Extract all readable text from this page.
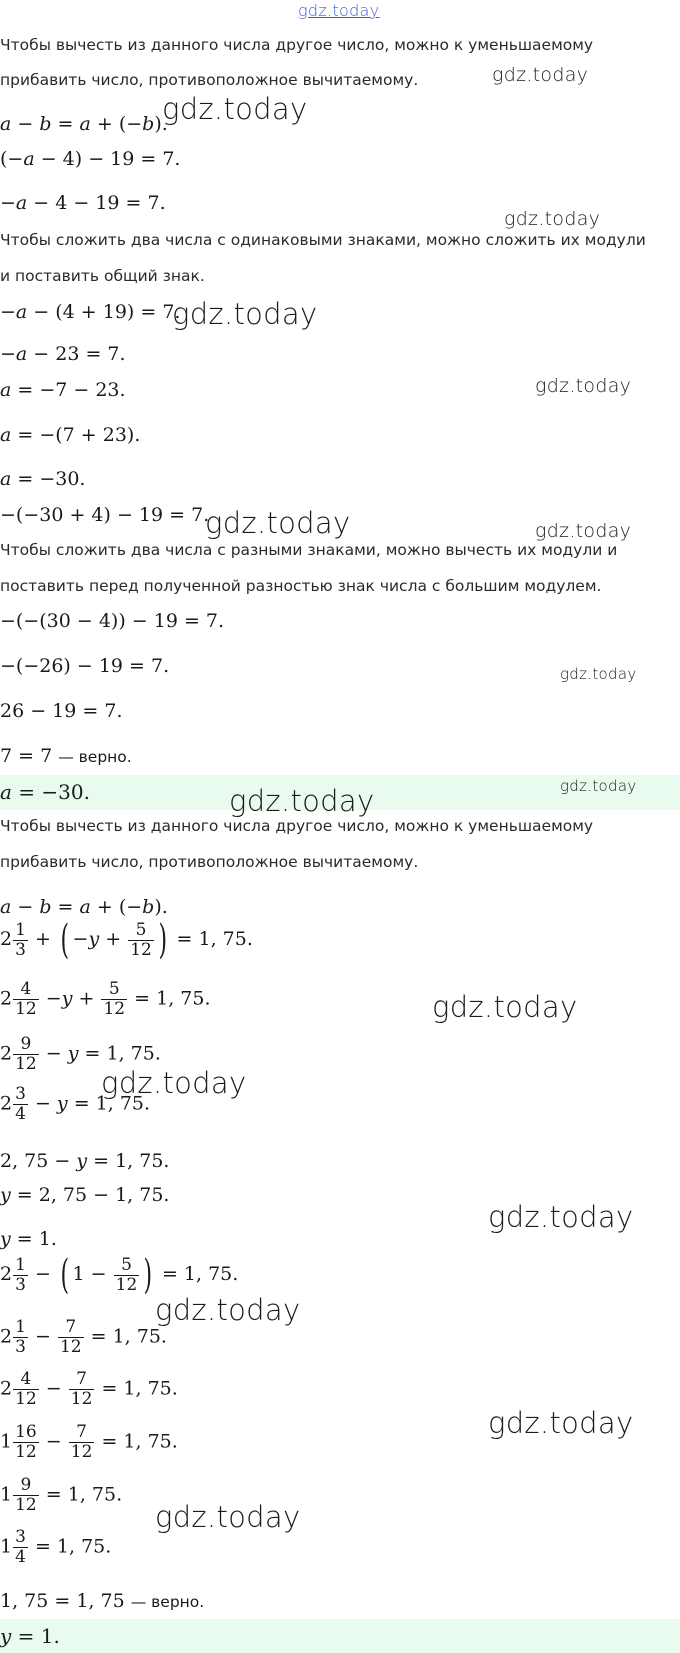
gdz.today
gdz.today
gdz.today
gdz.today
gdz.today
gdz.today
gdz.today	gdz.today
gdz.today
gdz.today
gdz.today
gdz.today
gdz.today
gdz.today
gdz.today
gdz.today
gdz.today
Чтобы вычесть из данного числа другое число, можно к уменьшаемому
прибавить число, противоположное вычитаемому.
a − b = a + (−b).
(−a − 4) − 19 = 7.
−a − 4 − 19 = 7.
Чтобы сложить два числа с одинаковыми знаками, можно сложить их модули
и поставить общий знак.
−a − (4 + 19) = 7.
−a − 23 = 7.
a = −7 − 23.
a = −(7 + 23).
a = −30.
−(−30 + 4) − 19 = 7.
Чтобы сложить два числа с разными знаками, можно вычесть их модули и
поставить перед полученной разностью знак числа с большим модулем.
−(−(30 − 4)) − 19 = 7.
−(−26) − 19 = 7.
26 − 19 = 7.
7 = 7 — верно.
a = −30.
Чтобы вычесть из данного числа другое число, можно к уменьшаемому
прибавить число, противоположное вычитаемому.
a − b = a + (−b).
$2 \frac{1}{3}$ + ( $-y + \frac{5}{12}$ ) = 1, 75.
$2 \frac{4}{12} -y + \frac{5}{12} = 1$, 75.
$2 \frac{9}{12} - y = 1$, 75.
$2 \frac{3}{4} - y = 1$, 75.
2, 75 − y = 1, 75.
y = 2, 75 − 1, 75.
y = 1.
$2 \frac{1}{3}$ − ( $1 - \frac{5}{12}$ ) = 1, 75.
$2 \frac{1}{3} - \frac{7}{12} = 1$, 75.
$2 \frac{4}{12} - \frac{7}{12} = 1$, 75.
$1 \frac{16}{12} - \frac{7}{12} = 1$, 75.
$1 \frac{9}{12} = 1$, 75.
$1 \frac{3}{4} = 1$, 75.
1, 75 = 1, 75 — верно.
y = 1.
